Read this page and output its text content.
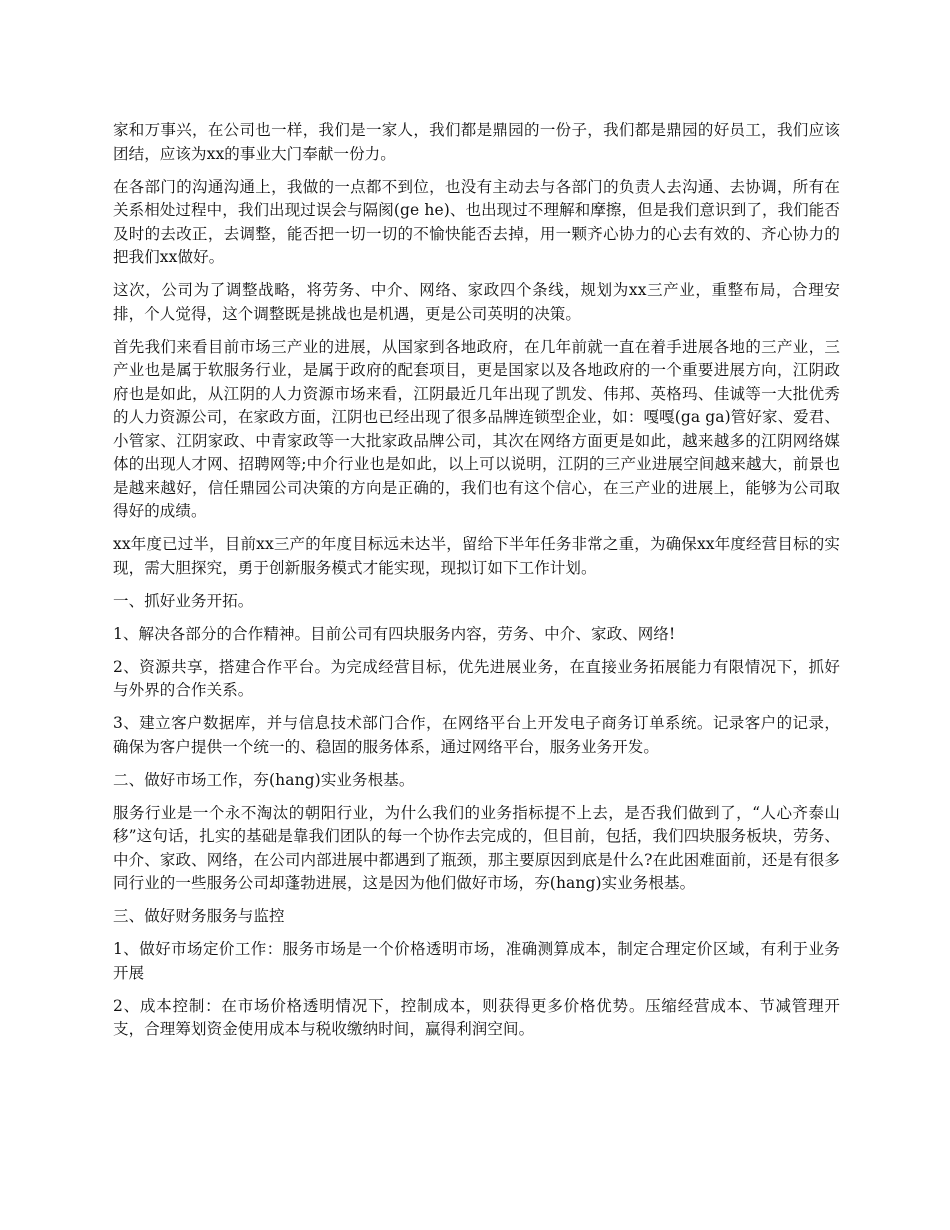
家和万事兴，在公司也一样，我们是一家人，我们都是鼎园的一份子，我们都是鼎园的好员工，我们应该团结，应该为xx的事业大门奉献一份力。

在各部门的沟通沟通上，我做的一点都不到位，也没有主动去与各部门的负责人去沟通、去协调，所有在关系相处过程中，我们出现过误会与隔阂(ge he)、也出现过不理解和摩擦，但是我们意识到了，我们能否及时的去改正，去调整，能否把一切一切的不愉快能否去掉，用一颗齐心协力的心去有效的、齐心协力的把我们xx做好。

这次，公司为了调整战略，将劳务、中介、网络、家政四个条线，规划为xx三产业，重整布局，合理安排，个人觉得，这个调整既是挑战也是机遇，更是公司英明的决策。

首先我们来看目前市场三产业的进展，从国家到各地政府，在几年前就一直在着手进展各地的三产业，三产业也是属于软服务行业，是属于政府的配套项目，更是国家以及各地政府的一个重要进展方向，江阴政府也是如此，从江阴的人力资源市场来看，江阴最近几年出现了凯发、伟邦、英格玛、佳诚等一大批优秀的人力资源公司，在家政方面，江阴也已经出现了很多品牌连锁型企业，如：嘎嘎(ga ga)管好家、爱君、小管家、江阴家政、中青家政等一大批家政品牌公司，其次在网络方面更是如此，越来越多的江阴网络媒体的出现人才网、招聘网等;中介行业也是如此，以上可以说明，江阴的三产业进展空间越来越大，前景也是越来越好，信任鼎园公司决策的方向是正确的，我们也有这个信心，在三产业的进展上，能够为公司取得好的成绩。

xx年度已过半，目前xx三产的年度目标远未达半，留给下半年任务非常之重，为确保xx年度经营目标的实现，需大胆探究，勇于创新服务模式才能实现，现拟订如下工作计划。

一、抓好业务开拓。

1、解决各部分的合作精神。目前公司有四块服务内容，劳务、中介、家政、网络!

2、资源共享，搭建合作平台。为完成经营目标，优先进展业务，在直接业务拓展能力有限情况下，抓好与外界的合作关系。

3、建立客户数据库，并与信息技术部门合作，在网络平台上开发电子商务订单系统。记录客户的记录，确保为客户提供一个统一的、稳固的服务体系，通过网络平台，服务业务开发。

二、做好市场工作，夯(hang)实业务根基。

服务行业是一个永不淘汰的朝阳行业，为什么我们的业务指标提不上去，是否我们做到了，“人心齐泰山移”这句话，扎实的基础是靠我们团队的每一个协作去完成的，但目前，包括，我们四块服务板块，劳务、中介、家政、网络，在公司内部进展中都遇到了瓶颈，那主要原因到底是什么?在此困难面前，还是有很多同行业的一些服务公司却蓬勃进展，这是因为他们做好市场，夯(hang)实业务根基。

三、做好财务服务与监控

1、做好市场定价工作：服务市场是一个价格透明市场，准确测算成本，制定合理定价区域，有利于业务开展

2、成本控制：在市场价格透明情况下，控制成本，则获得更多价格优势。压缩经营成本、节减管理开支，合理筹划资金使用成本与税收缴纳时间，赢得利润空间。
